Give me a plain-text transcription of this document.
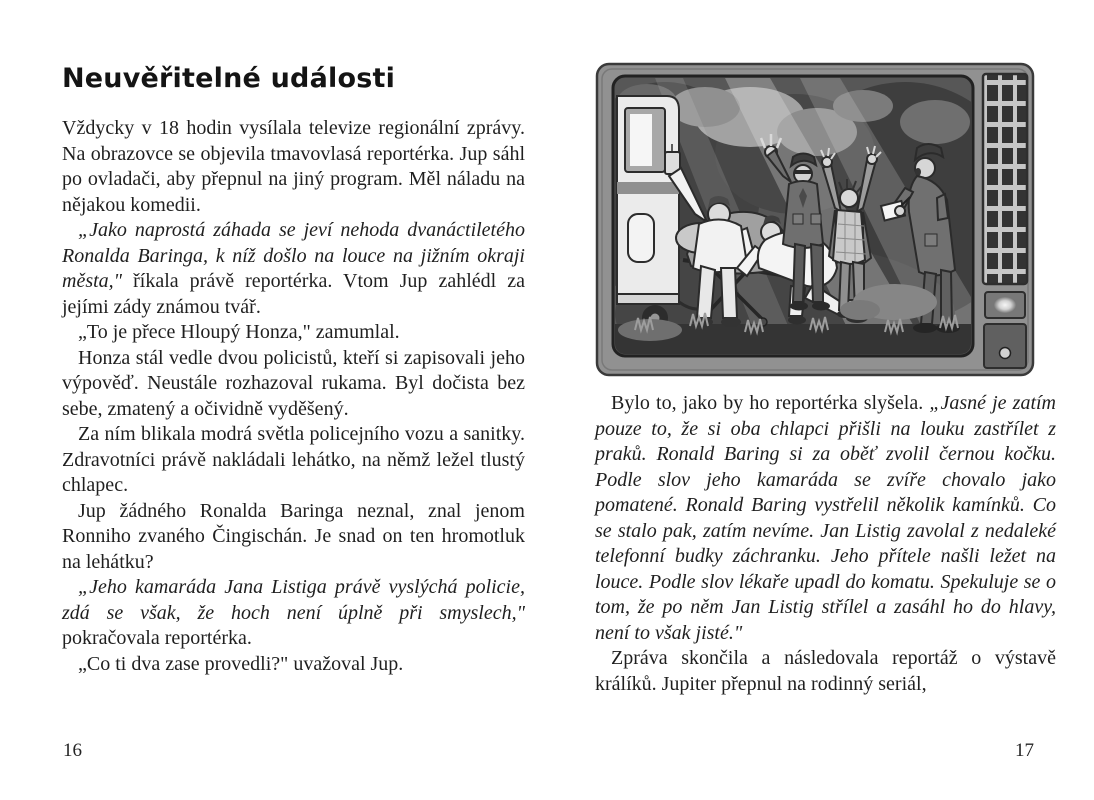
Neuvěřitelné události

Vždycky v 18 hodin vysílala televize regionální zprávy. Na obrazovce se objevila tmavovlasá reportérka. Jup sáhl po ovladači, aby přepnul na jiný program. Měl náladu na nějakou komedii.

„Jako naprostá záhada se jeví nehoda dvanáctiletého Ronalda Baringa, k níž došlo na louce na jižním okraji města," říkala právě reportérka. Vtom Jup zahlédl za jejími zády známou tvář.

„To je přece Hloupý Honza," zamumlal.

Honza stál vedle dvou policistů, kteří si zapisovali jeho výpověď. Neustále rozhazoval rukama. Byl dočista bez sebe, zmatený a očividně vyděšený.

Za ním blikala modrá světla policejního vozu a sanitky. Zdravotníci právě nakládali lehátko, na němž ležel tlustý chlapec.

Jup žádného Ronalda Baringa neznal, znal jenom Ronniho zvaného Čingischán. Je snad on ten hromotluk na lehátku?

„Jeho kamaráda Jana Listiga právě vyslýchá policie, zdá se však, že hoch není úplně při smyslech," pokračovala reportérka.

„Co ti dva zase provedli?" uvažoval Jup.

16

Bylo to, jako by ho reportérka slyšela. „Jasné je zatím pouze to, že si oba chlapci přišli na louku zastřílet z praků. Ronald Baring si za oběť zvolil černou kočku. Podle slov jeho kamaráda se zvíře chovalo jako pomatené. Ronald Baring vystřelil několik kamínků. Co se stalo pak, zatím nevíme. Jan Listig zavolal z nedaleké telefonní budky záchranku. Jeho přítele našli ležet na louce. Podle slov lékaře upadl do komatu. Spekuluje se o tom, že po něm Jan Listig střílel a zasáhl ho do hlavy, není to však jisté."

Zpráva skončila a následovala reportáž o výstavě králíků. Jupiter přepnul na rodinný seriál,

17
